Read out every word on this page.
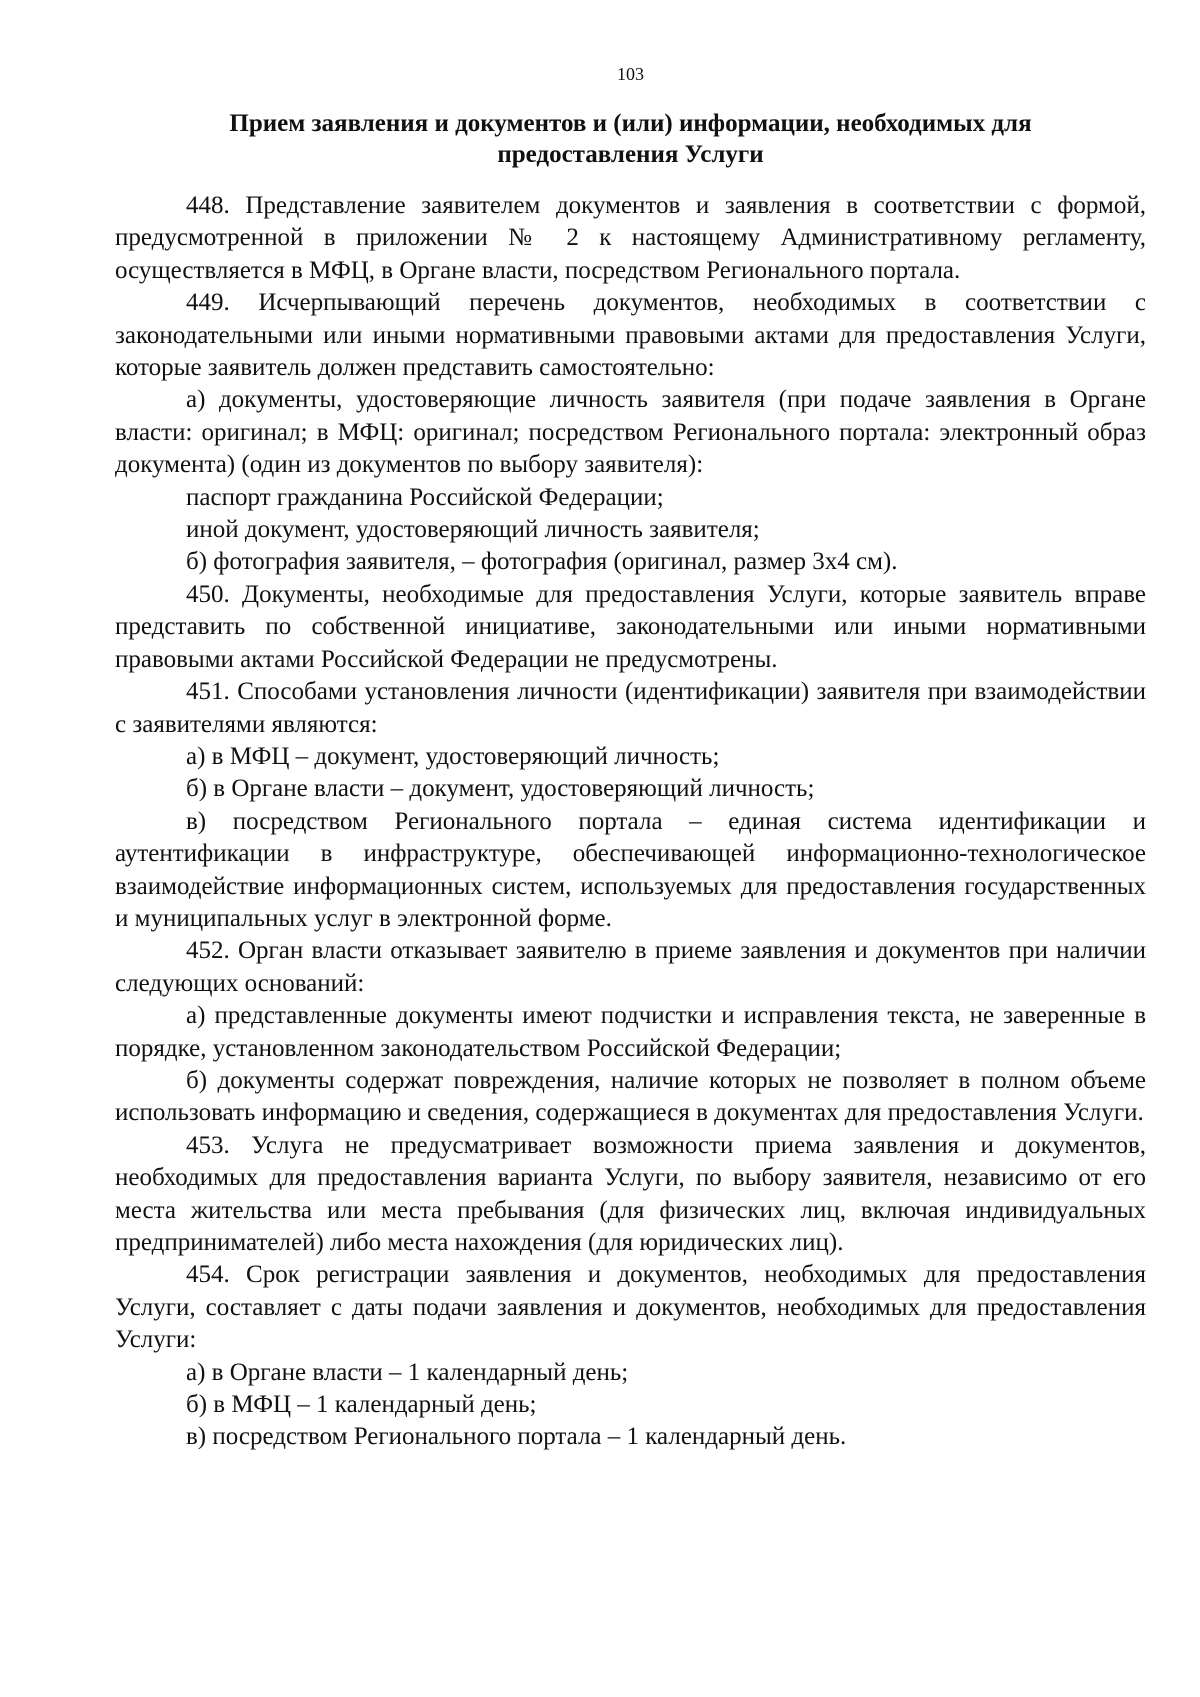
103
Прием заявления и документов и (или) информации, необходимых для предоставления Услуги

448. Представление заявителем документов и заявления в соответствии с формой, предусмотренной в приложении № 2 к настоящему Административному регламенту, осуществляется в МФЦ, в Органе власти, посредством Регионального портала.

449. Исчерпывающий перечень документов, необходимых в соответствии с законодательными или иными нормативными правовыми актами для предоставления Услуги, которые заявитель должен представить самостоятельно:

а) документы, удостоверяющие личность заявителя (при подаче заявления в Органе власти: оригинал; в МФЦ: оригинал; посредством Регионального портала: электронный образ документа) (один из документов по выбору заявителя):

паспорт гражданина Российской Федерации;

иной документ, удостоверяющий личность заявителя;

б) фотография заявителя, – фотография (оригинал, размер 3x4 см).

450. Документы, необходимые для предоставления Услуги, которые заявитель вправе представить по собственной инициативе, законодательными или иными нормативными правовыми актами Российской Федерации не предусмотрены.

451. Способами установления личности (идентификации) заявителя при взаимодействии с заявителями являются:

а) в МФЦ – документ, удостоверяющий личность;

б) в Органе власти – документ, удостоверяющий личность;

в) посредством Регионального портала – единая система идентификации и аутентификации в инфраструктуре, обеспечивающей информационно-технологическое взаимодействие информационных систем, используемых для предоставления государственных и муниципальных услуг в электронной форме.

452. Орган власти отказывает заявителю в приеме заявления и документов при наличии следующих оснований:

а) представленные документы имеют подчистки и исправления текста, не заверенные в порядке, установленном законодательством Российской Федерации;

б) документы содержат повреждения, наличие которых не позволяет в полном объеме использовать информацию и сведения, содержащиеся в документах для предоставления Услуги.

453. Услуга не предусматривает возможности приема заявления и документов, необходимых для предоставления варианта Услуги, по выбору заявителя, независимо от его места жительства или места пребывания (для физических лиц, включая индивидуальных предпринимателей) либо места нахождения (для юридических лиц).

454. Срок регистрации заявления и документов, необходимых для предоставления Услуги, составляет с даты подачи заявления и документов, необходимых для предоставления Услуги:

а) в Органе власти – 1 календарный день;

б) в МФЦ – 1 календарный день;

в) посредством Регионального портала – 1 календарный день.
